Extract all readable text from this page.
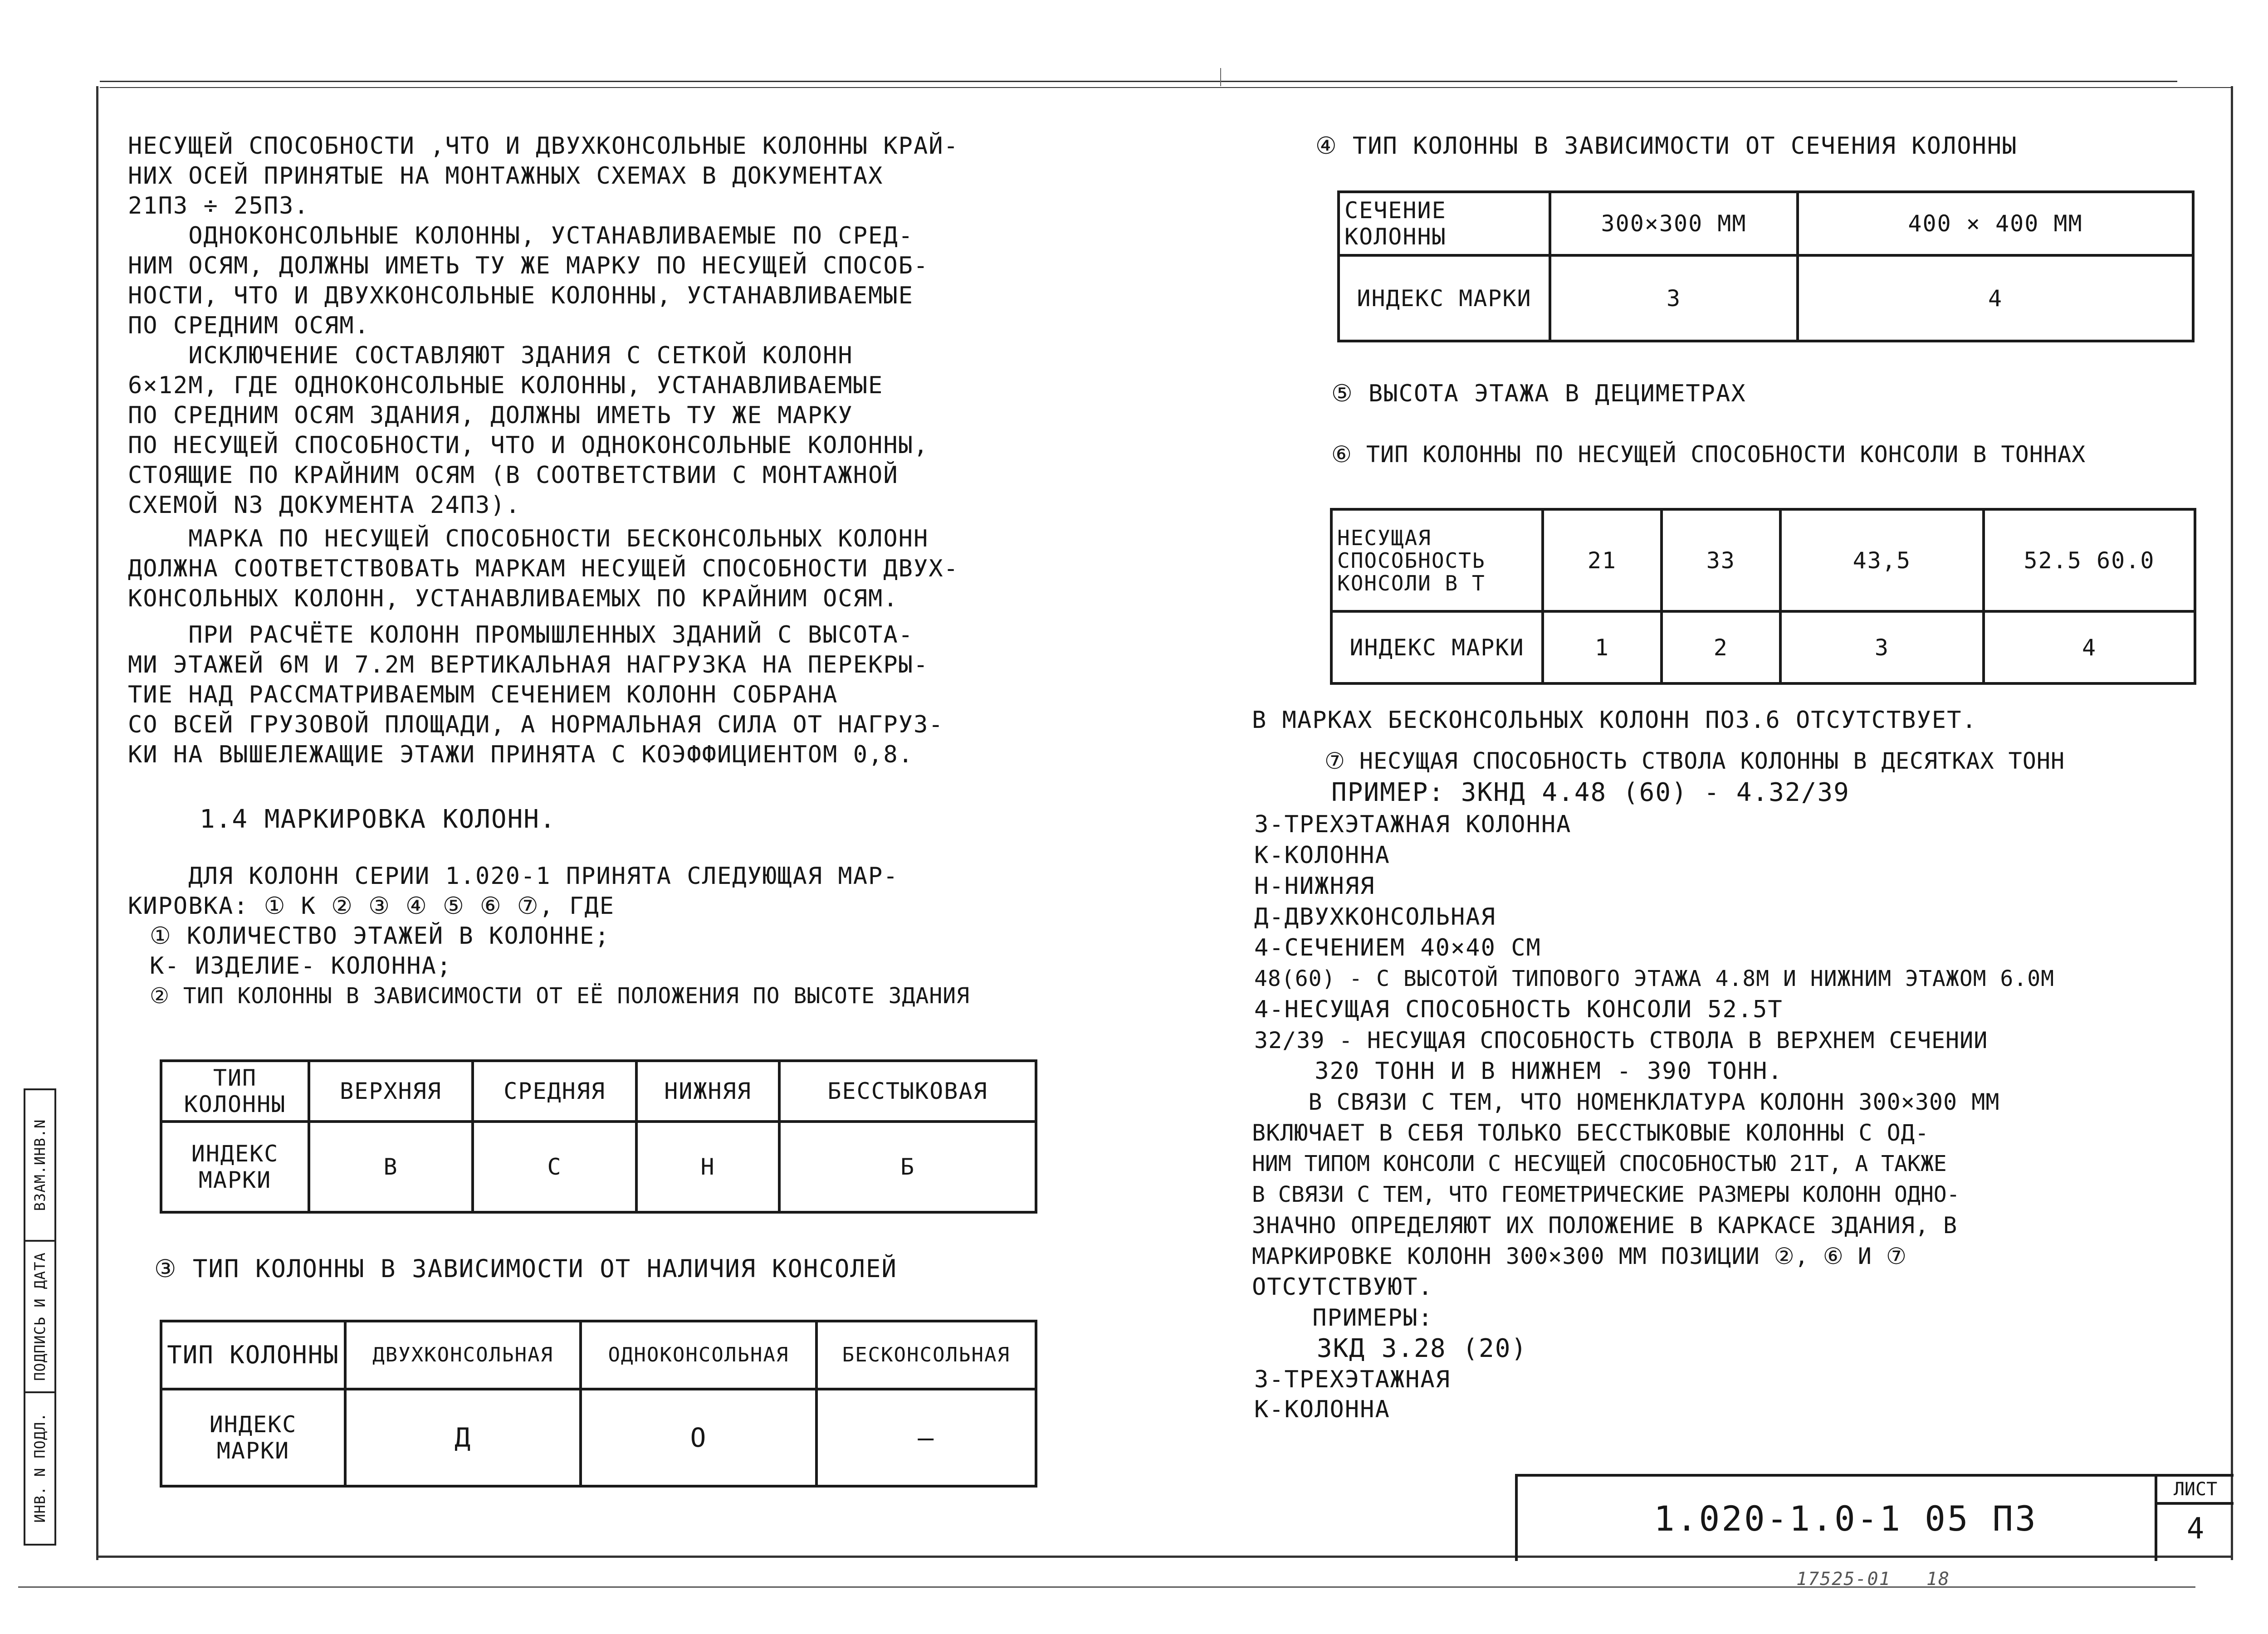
НЕСУЩЕЙ СПОСОБНОСТИ ,ЧТО И ДВУХКОНСОЛЬНЫЕ КОЛОННЫ КРАЙ-
НИХ ОСЕЙ ПРИНЯТЫЕ НА МОНТАЖНЫХ СХЕМАХ В ДОКУМЕНТАХ
21П3 ÷ 25П3.
ОДНОКОНСОЛЬНЫЕ КОЛОННЫ, УСТАНАВЛИВАЕМЫЕ ПО СРЕД-
НИМ ОСЯМ, ДОЛЖНЫ ИМЕТЬ ТУ ЖЕ МАРКУ ПО НЕСУЩЕЙ СПОСОБ-
НОСТИ, ЧТО И ДВУХКОНСОЛЬНЫЕ КОЛОННЫ, УСТАНАВЛИВАЕМЫЕ
ПО СРЕДНИМ ОСЯМ.
ИСКЛЮЧЕНИЕ СОСТАВЛЯЮТ ЗДАНИЯ С СЕТКОЙ КОЛОНН
6×12М, ГДЕ ОДНОКОНСОЛЬНЫЕ КОЛОННЫ, УСТАНАВЛИВАЕМЫЕ
ПО СРЕДНИМ ОСЯМ ЗДАНИЯ, ДОЛЖНЫ ИМЕТЬ ТУ ЖЕ МАРКУ
ПО НЕСУЩЕЙ СПОСОБНОСТИ, ЧТО И ОДНОКОНСОЛЬНЫЕ КОЛОННЫ,
СТОЯЩИЕ ПО КРАЙНИМ ОСЯМ (В СООТВЕТСТВИИ С МОНТАЖНОЙ
СХЕМОЙ N3 ДОКУМЕНТА 24П3).
МАРКА ПО НЕСУЩЕЙ СПОСОБНОСТИ БЕСКОНСОЛЬНЫХ КОЛОНН
ДОЛЖНА СООТВЕТСТВОВАТЬ МАРКАМ НЕСУЩЕЙ СПОСОБНОСТИ ДВУХ-
КОНСОЛЬНЫХ КОЛОНН, УСТАНАВЛИВАЕМЫХ ПО КРАЙНИМ ОСЯМ.
ПРИ РАСЧЁТЕ КОЛОНН ПРОМЫШЛЕННЫХ ЗДАНИЙ С ВЫСОТА-
МИ ЭТАЖЕЙ 6М И 7.2М ВЕРТИКАЛЬНАЯ НАГРУЗКА НА ПЕРЕКРЫ-
ТИЕ НАД РАССМАТРИВАЕМЫМ СЕЧЕНИЕМ КОЛОНН СОБРАНА
СО ВСЕЙ ГРУЗОВОЙ ПЛОЩАДИ, А НОРМАЛЬНАЯ СИЛА ОТ НАГРУЗ-
КИ НА ВЫШЕЛЕЖАЩИЕ ЭТАЖИ ПРИНЯТА С КОЭФФИЦИЕНТОМ 0,8.
1.4 МАРКИРОВКА КОЛОНН.
ДЛЯ КОЛОНН СЕРИИ 1.020-1 ПРИНЯТА СЛЕДУЮЩАЯ МАР-
КИРОВКА: ① К ② ③ ④ ⑤ ⑥ ⑦, ГДЕ
① КОЛИЧЕСТВО ЭТАЖЕЙ В КОЛОННЕ;
К- ИЗДЕЛИЕ- КОЛОННА;
② ТИП КОЛОННЫ В ЗАВИСИМОСТИ ОТ ЕЁ ПОЛОЖЕНИЯ ПО ВЫСОТЕ ЗДАНИЯ
ТИП КОЛОННЫ	ВЕРХНЯЯ	СРЕДНЯЯ	НИЖНЯЯ	БЕССТЫКОВАЯ
ИНДЕКС МАРКИ	В	С	Н	Б
③ ТИП КОЛОННЫ В ЗАВИСИМОСТИ ОТ НАЛИЧИЯ КОНСОЛЕЙ
ТИП КОЛОННЫ	ДВУХКОНСОЛЬНАЯ	ОДНОКОНСОЛЬНАЯ	БЕСКОНСОЛЬНАЯ
ИНДЕКС МАРКИ	Д	О	—
④ ТИП КОЛОННЫ В ЗАВИСИМОСТИ ОТ СЕЧЕНИЯ КОЛОННЫ
СЕЧЕНИЕ КОЛОННЫ	300×300 ММ	400 × 400 ММ
ИНДЕКС МАРКИ	3	4
⑤ ВЫСОТА ЭТАЖА В ДЕЦИМЕТРАХ
⑥ ТИП КОЛОННЫ ПО НЕСУЩЕЙ СПОСОБНОСТИ КОНСОЛИ В ТОННАХ
НЕСУЩАЯ СПОСОБНОСТЬ КОНСОЛИ В Т	21	33	43,5	52.5 60.0
ИНДЕКС МАРКИ	1	2	3	4
В МАРКАХ БЕСКОНСОЛЬНЫХ КОЛОНН ПОЗ.6 ОТСУТСТВУЕТ.
⑦ НЕСУЩАЯ СПОСОБНОСТЬ СТВОЛА КОЛОННЫ В ДЕСЯТКАХ ТОНН
ПРИМЕР: 3КНД 4.48 (60) - 4.32/39
3-ТРЕХЭТАЖНАЯ КОЛОННА
К-КОЛОННА
Н-НИЖНЯЯ
Д-ДВУХКОНСОЛЬНАЯ
4-СЕЧЕНИЕМ 40×40 СМ
48(60) - С ВЫСОТОЙ ТИПОВОГО ЭТАЖА 4.8М И НИЖНИМ ЭТАЖОМ 6.0М
4-НЕСУЩАЯ СПОСОБНОСТЬ КОНСОЛИ 52.5Т
32/39 - НЕСУЩАЯ СПОСОБНОСТЬ СТВОЛА В ВЕРХНЕМ СЕЧЕНИИ
320 ТОНН И В НИЖНЕМ - 390 ТОНН.
В СВЯЗИ С ТЕМ, ЧТО НОМЕНКЛАТУРА КОЛОНН 300×300 ММ
ВКЛЮЧАЕТ В СЕБЯ ТОЛЬКО БЕССТЫКОВЫЕ КОЛОННЫ С ОД-
НИМ ТИПОМ КОНСОЛИ С НЕСУЩЕЙ СПОСОБНОСТЬЮ 21Т, А ТАКЖЕ
В СВЯЗИ С ТЕМ, ЧТО ГЕОМЕТРИЧЕСКИЕ РАЗМЕРЫ КОЛОНН ОДНО-
ЗНАЧНО ОПРЕДЕЛЯЮТ ИХ ПОЛОЖЕНИЕ В КАРКАСЕ ЗДАНИЯ, В
МАРКИРОВКЕ КОЛОНН 300×300 ММ ПОЗИЦИИ ②, ⑥ И ⑦
ОТСУТСТВУЮТ.
ПРИМЕРЫ:
3КД 3.28 (20)
3-ТРЕХЭТАЖНАЯ
К-КОЛОННА
1.020-1.0-1 05 П3
ЛИСТ
4
ВЗАМ.ИНВ.N
ПОДПИСЬ И ДАТА
ИНВ. N ПОДЛ.
17525-01   18
